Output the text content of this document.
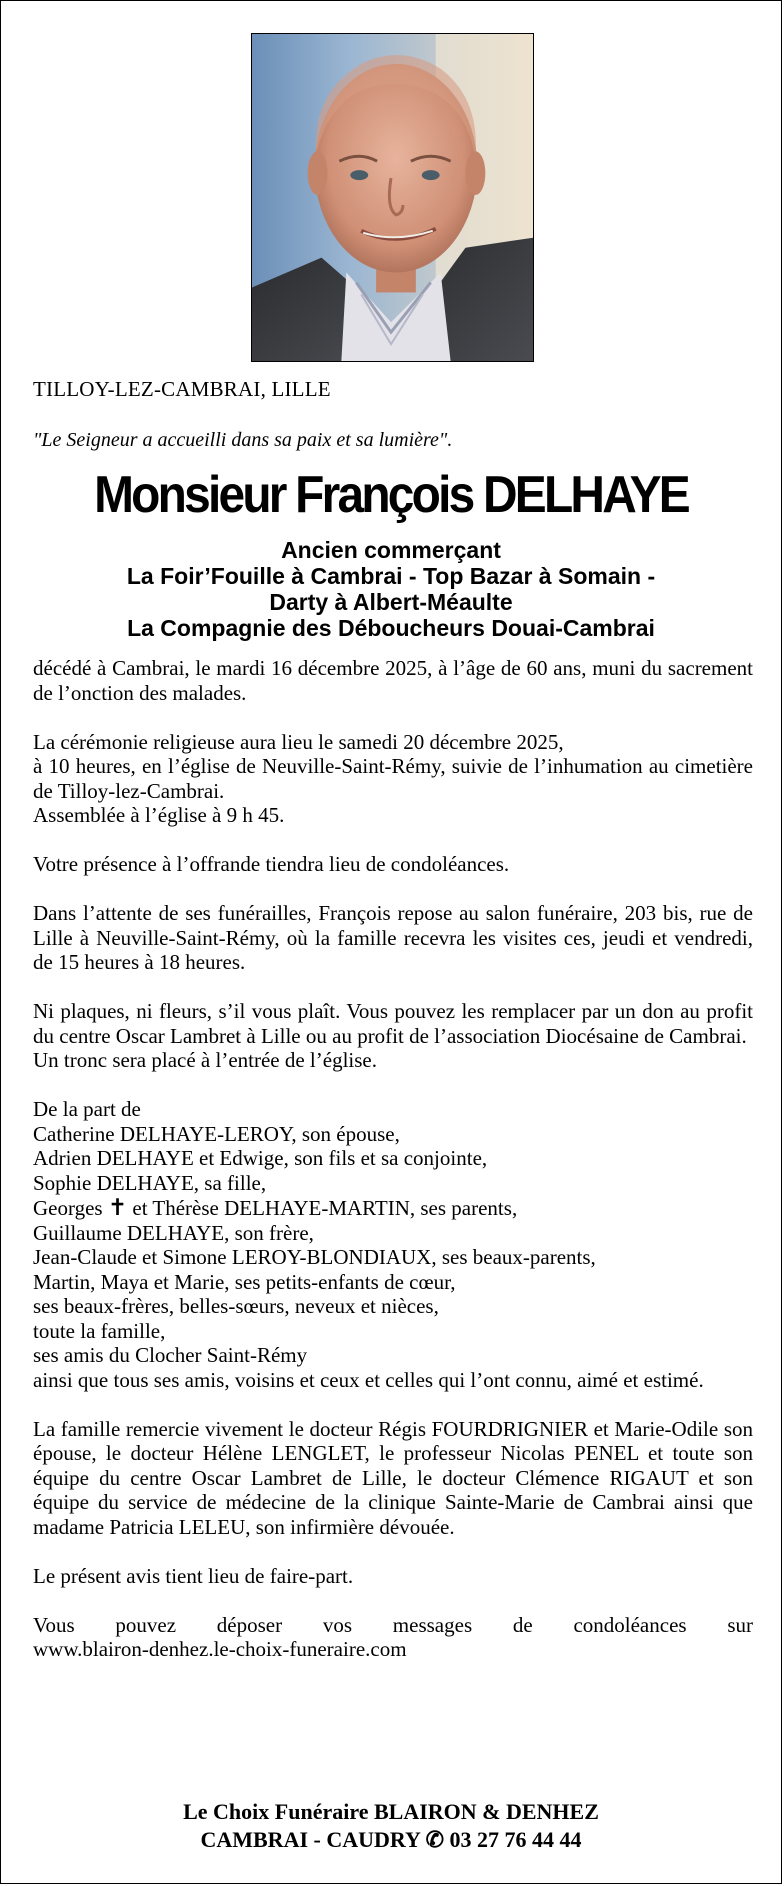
TILLOY-LEZ-CAMBRAI, LILLE
"Le Seigneur a accueilli dans sa paix et sa lumière".
Monsieur François DELHAYE
Ancien commerçant
La Foir’Fouille à Cambrai - Top Bazar à Somain -
Darty à Albert-Méaulte
La Compagnie des Déboucheurs Douai-Cambrai

décédé à Cambrai, le mardi 16 décembre 2025, à l’âge de 60 ans, muni du sacrement de l’onction des malades.

La cérémonie religieuse aura lieu le samedi 20 décembre 2025,

à 10 heures, en l’église de Neuville-Saint-Rémy, suivie de l’inhumation au cimetière de Tilloy-lez-Cambrai.

Assemblée à l’église à 9 h 45.

Votre présence à l’offrande tiendra lieu de condoléances.

Dans l’attente de ses funérailles, François repose au salon funéraire, 203 bis, rue de Lille à Neuville-Saint-Rémy, où la famille recevra les visites ces, jeudi et vendredi, de 15 heures à 18 heures.

Ni plaques, ni fleurs, s’il vous plaît. Vous pouvez les remplacer par un don au profit du centre Oscar Lambret à Lille ou au profit de l’association Diocésaine de Cambrai.

Un tronc sera placé à l’entrée de l’église.

De la part de
Catherine DELHAYE-LEROY, son épouse,
Adrien DELHAYE et Edwige, son fils et sa conjointe,
Sophie DELHAYE, sa fille,
Georges ✝ et Thérèse DELHAYE-MARTIN, ses parents,
Guillaume DELHAYE, son frère,
Jean-Claude et Simone LEROY-BLONDIAUX, ses beaux-parents,
Martin, Maya et Marie, ses petits-enfants de cœur,
ses beaux-frères, belles-sœurs, neveux et nièces,
toute la famille,
ses amis du Clocher Saint-Rémy
ainsi que tous ses amis, voisins et ceux et celles qui l’ont connu, aimé et estimé.

La famille remercie vivement le docteur Régis FOURDRIGNIER et Marie-Odile son épouse, le docteur Hélène LENGLET, le professeur Nicolas PENEL et toute son équipe du centre Oscar Lambret de Lille, le docteur Clémence RIGAUT et son équipe du service de médecine de la clinique Sainte-Marie de Cambrai ainsi que madame Patricia LELEU, son infirmière dévouée.

Le présent avis tient lieu de faire-part.

Vous pouvez déposer vos messages de condoléances sur

www.blairon-denhez.le-choix-funeraire.com

Le Choix Funéraire BLAIRON & DENHEZ
CAMBRAI - CAUDRY ✆ 03 27 76 44 44
